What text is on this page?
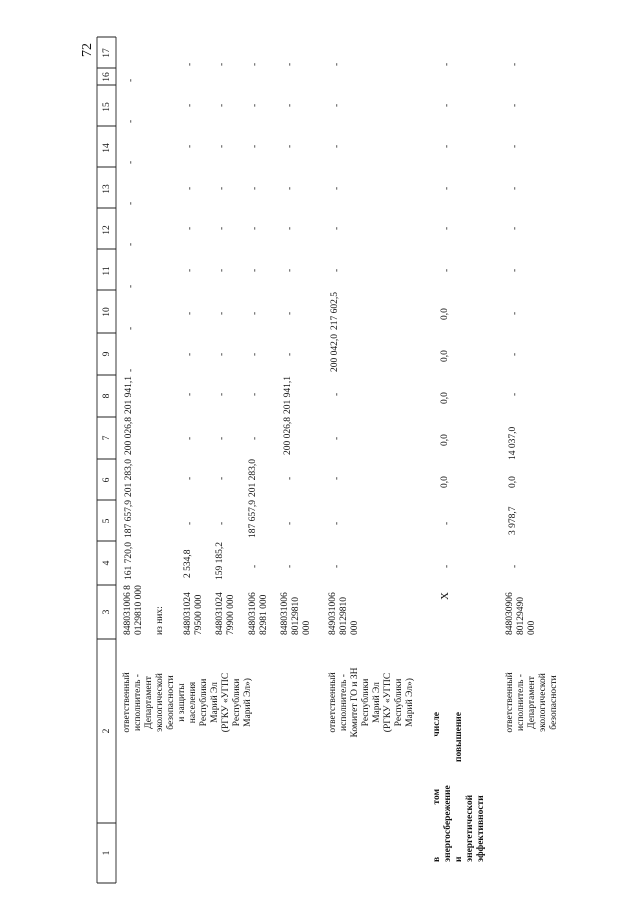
72 17
16
15
14
13
12
11
10
9
8
7
6
5
4
3
2
1
ответственный
исполнитель -
Департамент
экологической
безопасности
и защиты
населения
Республики
Марий Эл
(РГКУ «УГПС
Республики
Марий Эл»)
848031006 8
0129810 000
из них: 848031024
79500 000 848031024
79900 000 848031006
82981 000 848031006
80129810
000
161 720,0
187 657,9
201 283,0
200 026,8
201 941,1
-
-
-
-
-
-
-
-
2 534,8
-
-
-
-
-
-
-
-
-
-
-
-
159 185,2
-
-
-
-
-
-
-
-
-
-
-
-
-
187 657,9
201 283,0
-
-
-
-
-
-
-
-
-
-
-
-
-
200 026,8
201 941,1
-
-
-
-
-
-
-
-
ответственный
исполнитель -
Комитет ГО и ЗН
Республики
Марий Эл
(РГКУ «УГПС
Республики
Марий Эл»)
849031006
80129810
000
-
-
-
-
-
200 042,0
217 602,5
-
-
-
-
-
-
в том числе
энергосбережение
и повышение
энергетической
эффективности
Х
-
-
0,0
0,0
0,0
0,0
0,0
-
-
-
-
-
-
ответственный
исполнитель -
Департамент
экологической
безопасности
848030906
80129490
000
-
3 978,7
0,0
14 037,0
-
-
-
-
-
-
-
-
-
